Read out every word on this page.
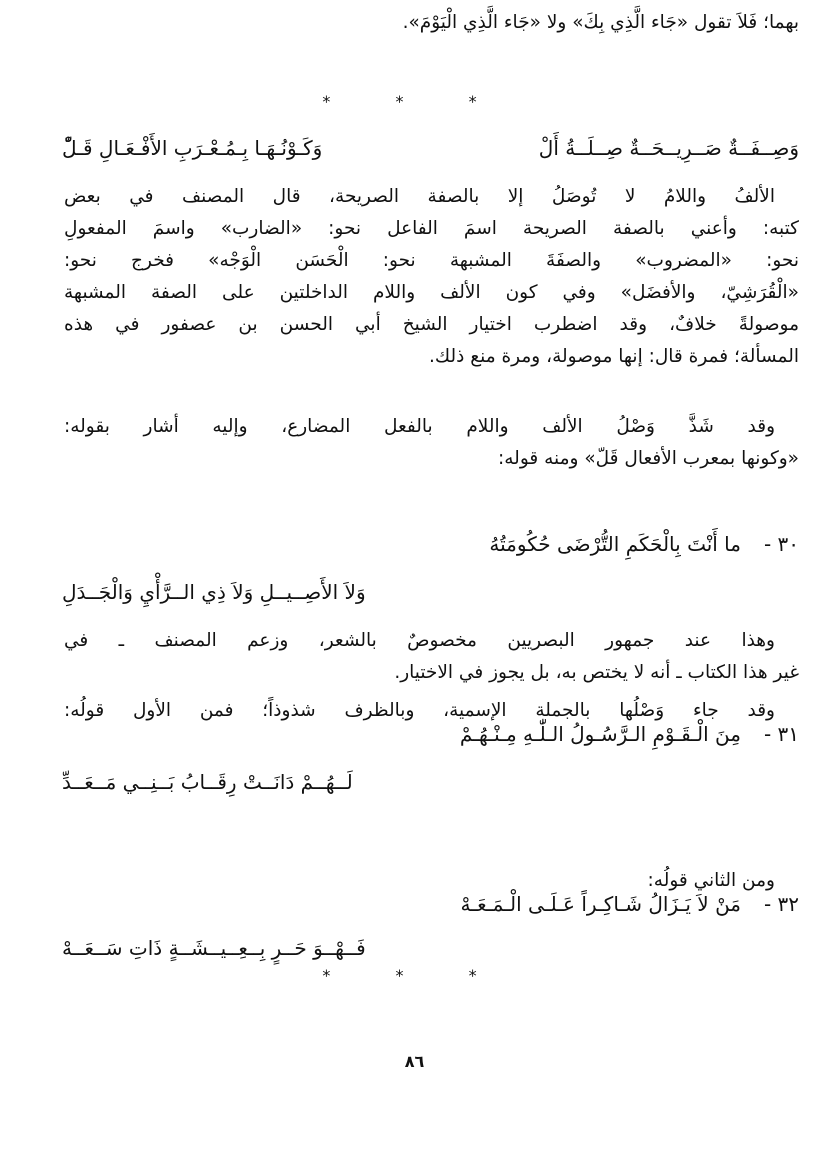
بهما؛ فَلاَ تقول «جَاء الَّذِي بِكَ» ولا «جَاء الَّذِي الْيَوْمَ».
* * *
وَصِــفَــةٌ صَــرِيــحَــةٌ صِــلَــةُ أَلْ
وَكَـوْنُـهَـا بِـمُـعْـرَبِ الأَفْـعَـالِ قَـلّْ
الألفُ واللامُ لا تُوصَلُ إلا بالصفة الصريحة، قال المصنف في بعض
كتبه: وأعني بالصفة الصريحة اسمَ الفاعل نحو: «الضارب» واسمَ المفعولِ
نحو: «المضروب» والصفَةَ المشبهة نحو: الْحَسَن الْوَجْه» فخرج نحو:
«الْقُرَشِيّ، والأفضَل» وفي كون الألف واللام الداخلتين على الصفة المشبهة
موصولةً خلافٌ، وقد اضطرب اختيار الشيخ أبي الحسن بن عصفور في هذه
المسألة؛ فمرة قال: إنها موصولة، ومرة منع ذلك.
وقد شَذَّ وَصْلُ الألف واللام بالفعل المضارع، وإليه أشار بقوله:
«وكونها بمعرب الأفعال قَلّ» ومنه قوله:
٣٠ -
ما أَنْتَ بِالْحَكَمِ التُّرْضَى حُكُومَتُهُ
وَلاَ الأَصِــيــلِ وَلاَ ذِي الــرَّأْيِ وَالْجَــدَلِ
وهذا عند جمهور البصريين مخصوصٌ بالشعر، وزعم المصنف ـ في
غير هذا الكتاب ـ أنه لا يختص به، بل يجوز في الاختيار.
وقد جاء وَصْلُها بالجملة الإسمية، وبالظرف شذوذاً؛ فمن الأول قولُه:
٣١ -
مِنَ الْـقَـوْمِ الـرَّسُـولُ الـلّٰـهِ مِـنْـهُـمْ
لَــهُــمْ دَانَــتْ رِقَــابُ بَــنِــي مَــعَــدِّ
ومن الثاني قولُه:
٣٢ -
مَنْ لاَ يَـزَالُ شَـاكِـراً عَـلَـى الْـمَـعَـهْ
فَــهْــوَ حَــرٍ بِــعِــيــشَــةٍ ذَاتِ سَــعَــهْ
* * *
٨٦
